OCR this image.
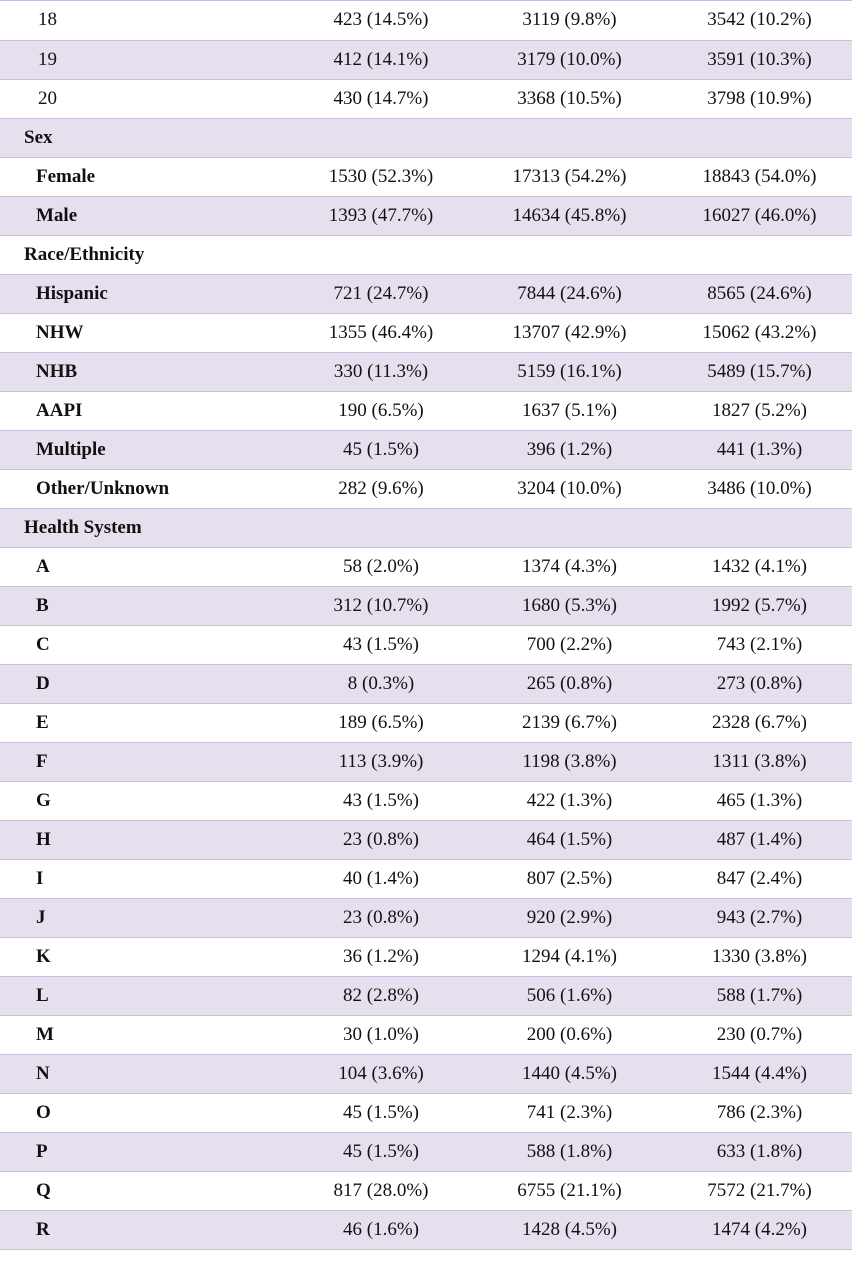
18	423 (14.5%)	3119 (9.8%)	3542 (10.2%)
19	412 (14.1%)	3179 (10.0%)	3591 (10.3%)
20	430 (14.7%)	3368 (10.5%)	3798 (10.9%)
Sex			
Female	1530 (52.3%)	17313 (54.2%)	18843 (54.0%)
Male	1393 (47.7%)	14634 (45.8%)	16027 (46.0%)
Race/Ethnicity			
Hispanic	721 (24.7%)	7844 (24.6%)	8565 (24.6%)
NHW	1355 (46.4%)	13707 (42.9%)	15062 (43.2%)
NHB	330 (11.3%)	5159 (16.1%)	5489 (15.7%)
AAPI	190 (6.5%)	1637 (5.1%)	1827 (5.2%)
Multiple	45 (1.5%)	396 (1.2%)	441 (1.3%)
Other/Unknown	282 (9.6%)	3204 (10.0%)	3486 (10.0%)
Health System			
A	58 (2.0%)	1374 (4.3%)	1432 (4.1%)
B	312 (10.7%)	1680 (5.3%)	1992 (5.7%)
C	43 (1.5%)	700 (2.2%)	743 (2.1%)
D	8 (0.3%)	265 (0.8%)	273 (0.8%)
E	189 (6.5%)	2139 (6.7%)	2328 (6.7%)
F	113 (3.9%)	1198 (3.8%)	1311 (3.8%)
G	43 (1.5%)	422 (1.3%)	465 (1.3%)
H	23 (0.8%)	464 (1.5%)	487 (1.4%)
I	40 (1.4%)	807 (2.5%)	847 (2.4%)
J	23 (0.8%)	920 (2.9%)	943 (2.7%)
K	36 (1.2%)	1294 (4.1%)	1330 (3.8%)
L	82 (2.8%)	506 (1.6%)	588 (1.7%)
M	30 (1.0%)	200 (0.6%)	230 (0.7%)
N	104 (3.6%)	1440 (4.5%)	1544 (4.4%)
O	45 (1.5%)	741 (2.3%)	786 (2.3%)
P	45 (1.5%)	588 (1.8%)	633 (1.8%)
Q	817 (28.0%)	6755 (21.1%)	7572 (21.7%)
R	46 (1.6%)	1428 (4.5%)	1474 (4.2%)
